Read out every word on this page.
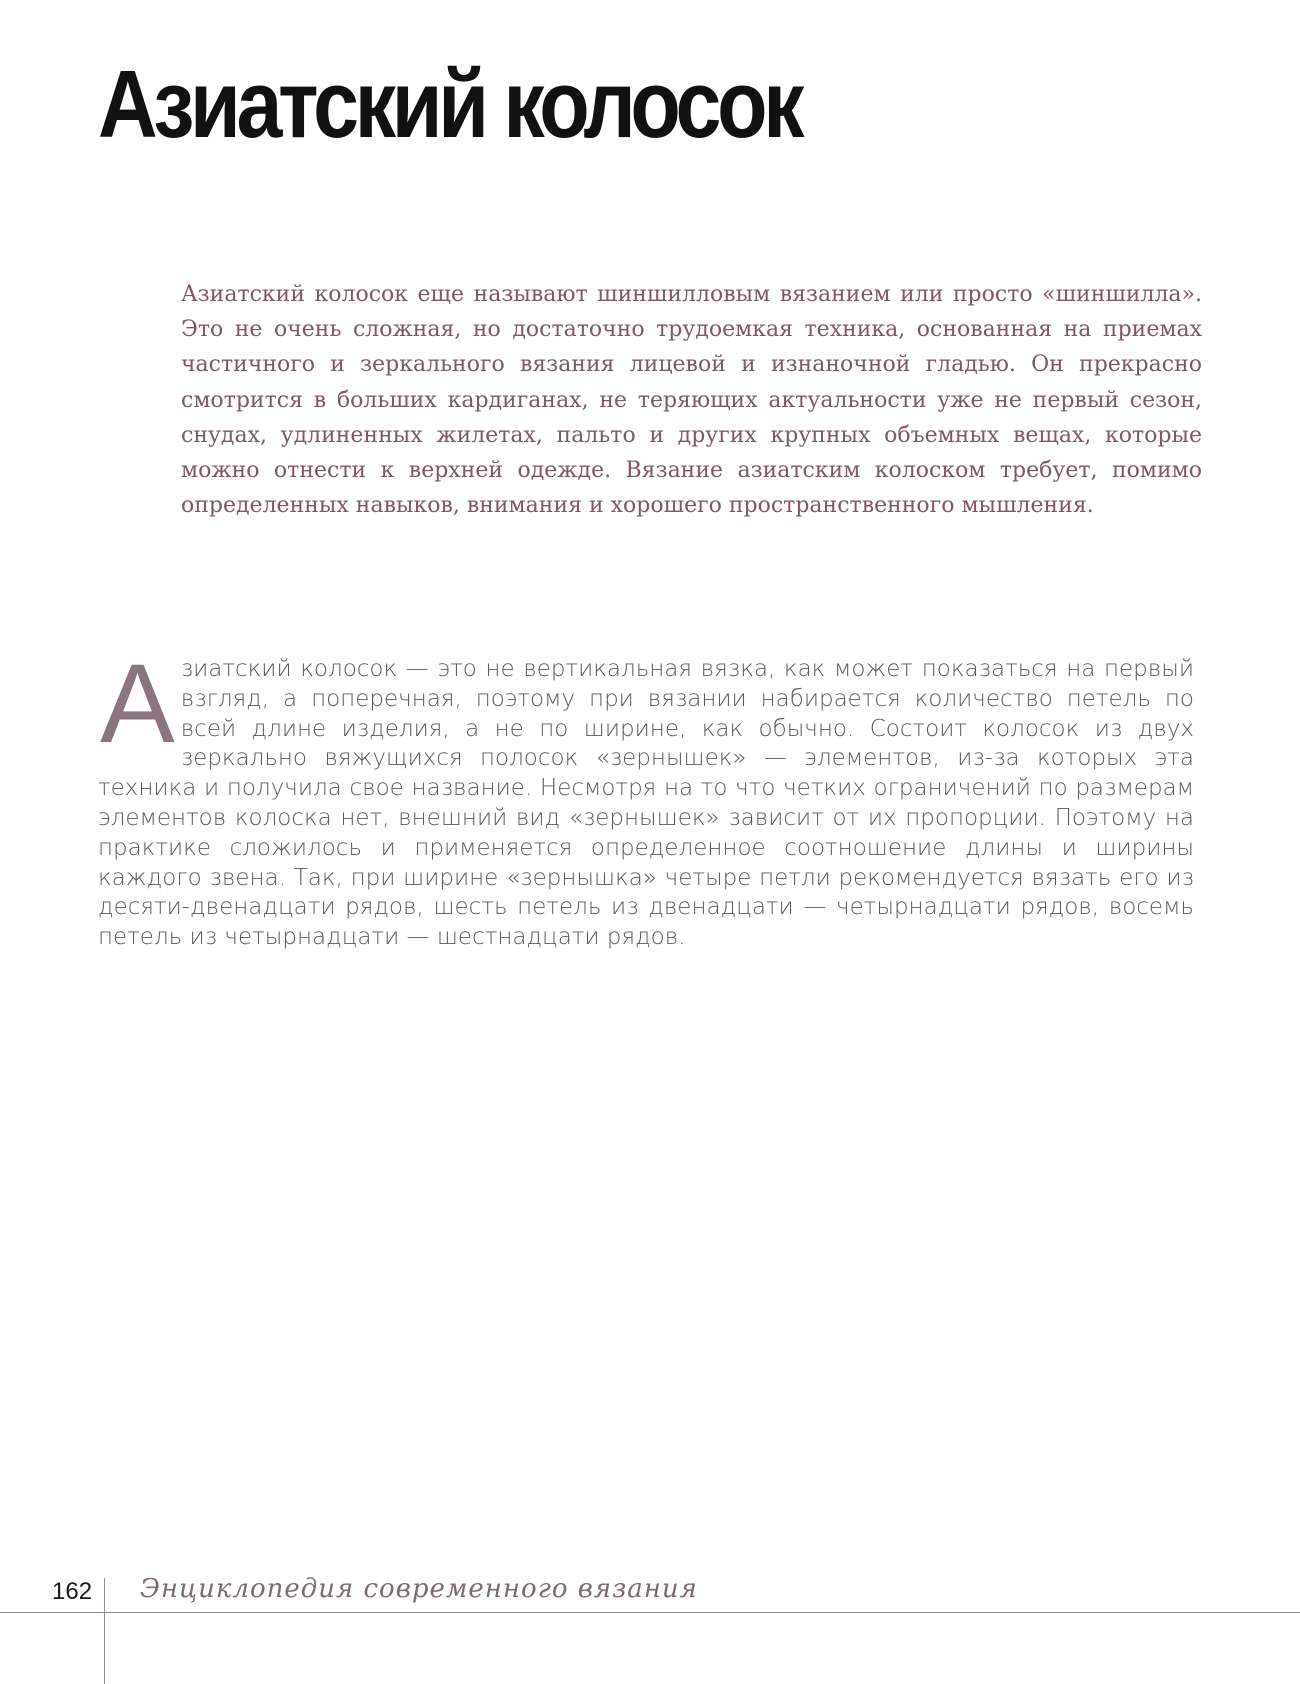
Азиатский колосок

Азиатский колосок еще называют шиншилловым вязанием или просто «шиншилла». Это не очень сложная, но достаточно трудоемкая техника, основанная на приемах частичного и зеркального вязания лицевой и изнаночной гладью. Он прекрасно смотрится в больших кардиганах, не теряющих актуальности уже не первый сезон, снудах, удлиненных жилетах, пальто и других крупных объемных вещах, которые можно отнести к верхней одежде. Вязание азиатским колоском требует, помимо определенных навыков, внимания и хорошего пространственного мышления.

Азиатский колосок — это не вертикальная вязка, как может показаться на первый взгляд, а поперечная, поэтому при вязании набирается количество петель по всей длине изделия, а не по ширине, как обычно. Состоит колосок из двух зеркально вяжущихся полосок «зернышек» — элементов, из-за которых эта техника и получила свое название. Несмотря на то что четких ограничений по размерам элементов колоска нет, внешний вид «зернышек» зависит от их пропорции. Поэтому на практике сложилось и применяется определенное соотношение длины и ширины каждого звена. Так, при ширине «зернышка» четыре петли рекомендуется вязать его из десяти-двенадцати рядов, шесть петель из двенадцати — четырнадцати рядов, восемь петель из четырнадцати — шестнадцати рядов.

162 Энциклопедия современного вязания
